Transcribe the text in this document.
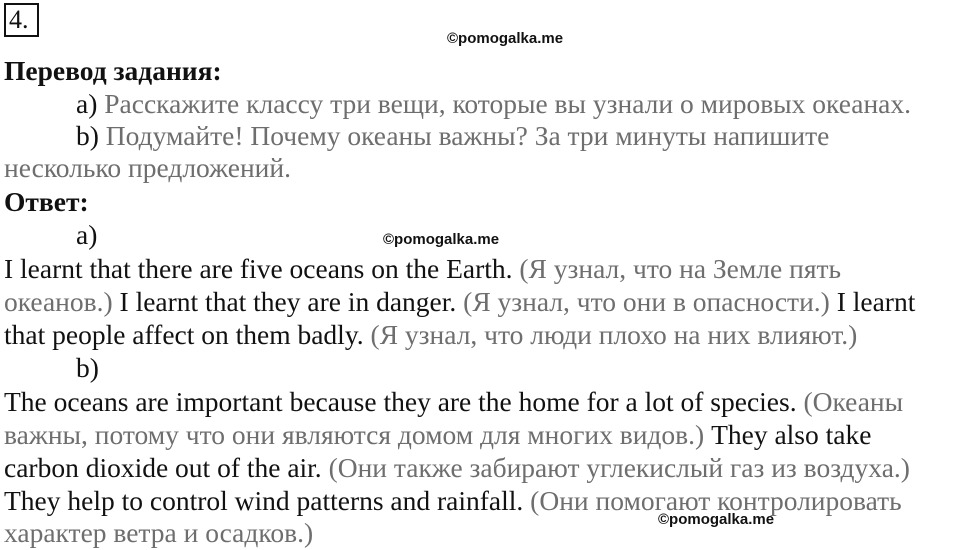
4.
©pomogalka.me
©pomogalka.me
©pomogalka.me
Перевод задания:
a) Расскажите классу три вещи, которые вы узнали о мировых океанах.
b) Подумайте! Почему океаны важны? За три минуты напишите
несколько предложений.
Ответ:
a)
I learnt that there are five oceans on the Earth. (Я узнал, что на Земле пять
океанов.) I learnt that they are in danger. (Я узнал, что они в опасности.) I learnt
that people affect on them badly. (Я узнал, что люди плохо на них влияют.)
b)
The oceans are important because they are the home for a lot of species. (Океаны
важны, потому что они являются домом для многих видов.) They also take
carbon dioxide out of the air. (Они также забирают углекислый газ из воздуха.)
They help to control wind patterns and rainfall. (Они помогают контролировать
характер ветра и осадков.)
